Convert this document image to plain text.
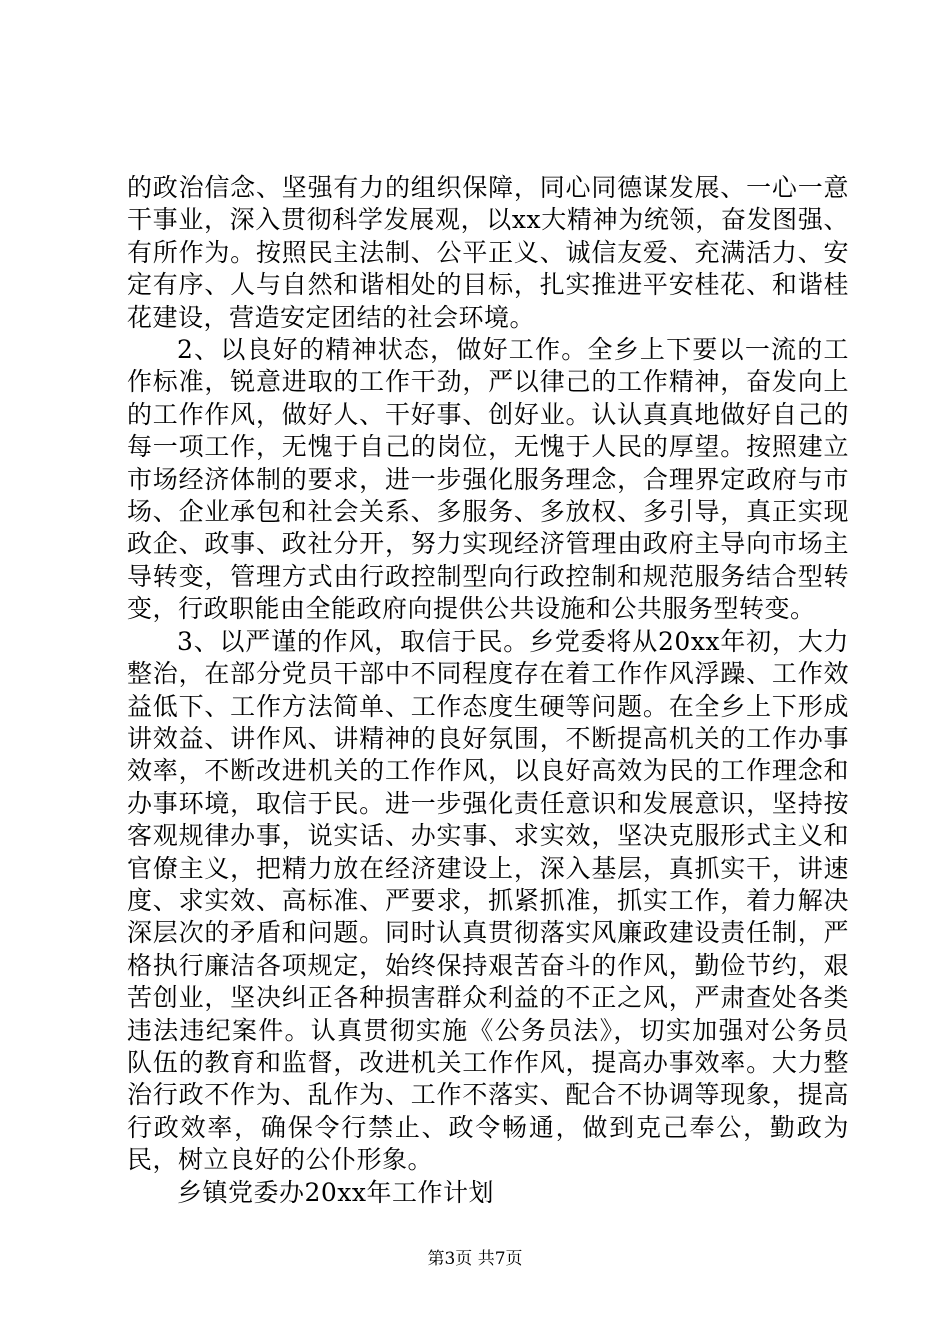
的政治信念、坚强有力的组织保障，同心同德谋发展、一心一意干事业，深入贯彻科学发展观，以xx大精神为统领，奋发图强、有所作为。按照民主法制、公平正义、诚信友爱、充满活力、安定有序、人与自然和谐相处的目标，扎实推进平安桂花、和谐桂花建设，营造安定团结的社会环境。

2、以良好的精神状态，做好工作。全乡上下要以一流的工作标准，锐意进取的工作干劲，严以律己的工作精神，奋发向上的工作作风，做好人、干好事、创好业。认认真真地做好自己的每一项工作，无愧于自己的岗位，无愧于人民的厚望。按照建立市场经济体制的要求，进一步强化服务理念，合理界定政府与市场、企业承包和社会关系、多服务、多放权、多引导，真正实现政企、政事、政社分开，努力实现经济管理由政府主导向市场主导转变，管理方式由行政控制型向行政控制和规范服务结合型转变，行政职能由全能政府向提供公共设施和公共服务型转变。

3、以严谨的作风，取信于民。乡党委将从20xx年初，大力整治，在部分党员干部中不同程度存在着工作作风浮躁、工作效益低下、工作方法简单、工作态度生硬等问题。在全乡上下形成讲效益、讲作风、讲精神的良好氛围，不断提高机关的工作办事效率，不断改进机关的工作作风，以良好高效为民的工作理念和办事环境，取信于民。进一步强化责任意识和发展意识，坚持按客观规律办事，说实话、办实事、求实效，坚决克服形式主义和官僚主义，把精力放在经济建设上，深入基层，真抓实干，讲速度、求实效、高标准、严要求，抓紧抓准，抓实工作，着力解决深层次的矛盾和问题。同时认真贯彻落实风廉政建设责任制，严格执行廉洁各项规定，始终保持艰苦奋斗的作风，勤俭节约，艰苦创业，坚决纠正各种损害群众利益的不正之风，严肃查处各类违法违纪案件。认真贯彻实施《公务员法》，切实加强对公务员队伍的教育和监督，改进机关工作作风，提高办事效率。大力整治行政不作为、乱作为、工作不落实、配合不协调等现象，提高行政效率，确保令行禁止、政令畅通，做到克己奉公，勤政为民，树立良好的公仆形象。

乡镇党委办20xx年工作计划

第3页 共7页
